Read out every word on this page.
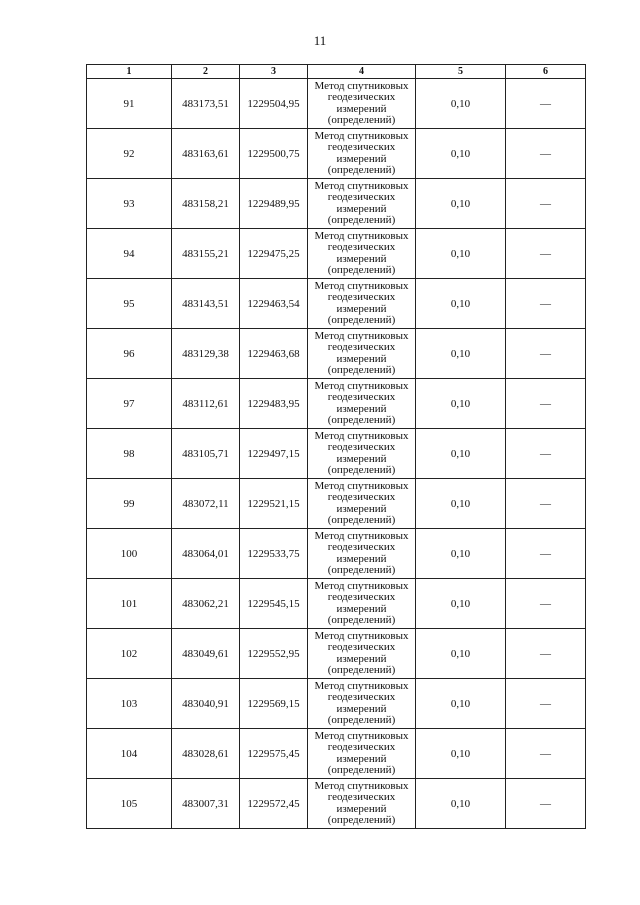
11
1	2	3	4	5	6
91	483173,51	1229504,95	Метод спутниковых геодезических измерений (определений)	0,10	—
92	483163,61	1229500,75	Метод спутниковых геодезических измерений (определений)	0,10	—
93	483158,21	1229489,95	Метод спутниковых геодезических измерений (определений)	0,10	—
94	483155,21	1229475,25	Метод спутниковых геодезических измерений (определений)	0,10	—
95	483143,51	1229463,54	Метод спутниковых геодезических измерений (определений)	0,10	—
96	483129,38	1229463,68	Метод спутниковых геодезических измерений (определений)	0,10	—
97	483112,61	1229483,95	Метод спутниковых геодезических измерений (определений)	0,10	—
98	483105,71	1229497,15	Метод спутниковых геодезических измерений (определений)	0,10	—
99	483072,11	1229521,15	Метод спутниковых геодезических измерений (определений)	0,10	—
100	483064,01	1229533,75	Метод спутниковых геодезических измерений (определений)	0,10	—
101	483062,21	1229545,15	Метод спутниковых геодезических измерений (определений)	0,10	—
102	483049,61	1229552,95	Метод спутниковых геодезических измерений (определений)	0,10	—
103	483040,91	1229569,15	Метод спутниковых геодезических измерений (определений)	0,10	—
104	483028,61	1229575,45	Метод спутниковых геодезических измерений (определений)	0,10	—
105	483007,31	1229572,45	Метод спутниковых геодезических измерений (определений)	0,10	—
